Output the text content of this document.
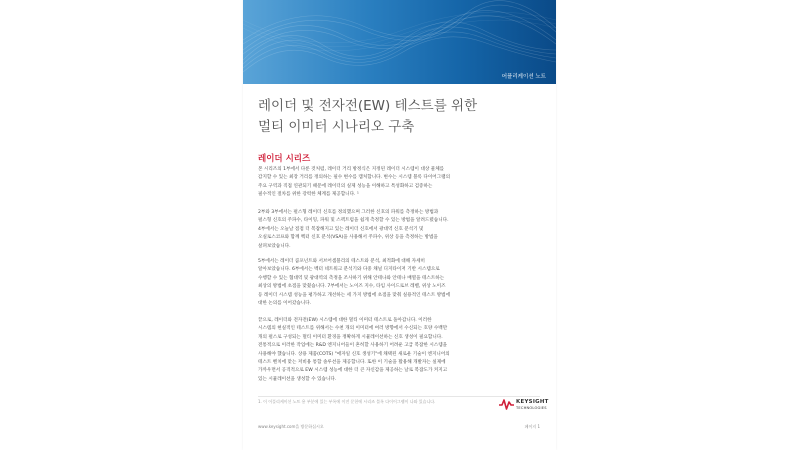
어플리케이션 노트
레이더 및 전자전(EW) 테스트를 위한
멀티 이미터 시나리오 구축
레이더 시리즈

본 시리즈의 1부에서 다룬 것처럼, 레이더 거리 방정식은 지정된 레이더 시스템이 대상 물체를

감지할 수 있는 최장 거리를 정의하는 필수 변수를 캡처합니다. 변수는 시스템 블록 다이어그램의

주요 구역과 직접 연관되기 때문에 레이더의 실제 성능을 이해하고 특성화하고 검증하는

필수적인 절차를 위한 강력한 체계를 제공합니다. ¹

2부와 3부에서는 펄스형 레이더 신호를 정의했으며 그러한 신호의 파워를 측정하는 방법과

펄스형 신호의 주파수, 타이밍, 파워 및 스펙트럼을 쉽게 측정할 수 있는 방법을 알려드렸습니다.

4부에서는 오늘날 점점 더 복잡해지고 있는 레이더 신호에서 광대역 신호 분석기 및

오실로스코프와 함께 벡터 신호 분석(VSA)을 사용해서 주파수, 위상 등을 측정하는 방법을

살펴보았습니다.

5부에서는 레이더 콤포넌트와 서브어셈블리의 테스트와 분석, 최적화에 대해 자세히

알아보았습니다. 6부에서는 벡터 네트워크 분석기와 다중 채널 디지타이저 기반 시스템으로

수행할 수 있는 협대역 및 광대역의 측정을 조사하기 위해 안테나와 안테나 배열을 테스트하는

최상의 방법에 초점을 맞췄습니다. 7부에서는 노이즈 지수, 타임 사이드로브 레벨, 위상 노이즈

등 레이더 시스템 성능을 평가하고 개선하는 세 가지 방법에 초점을 맞춰 실용적인 테스트 방법에

대한 논의를 이어갔습니다.

끝으로, 레이더와 전자전(EW) 시스템에 대한 멀티 이미터 테스트로 돌아갑니다. 이러한

시스템의 현실적인 테스트를 위해서는 수천 개의 이미터에 여러 방향에서 수신되는 호양 수백만

개의 펄스로 구성되는 멀티 이미터 환경을 정확하게 시뮬레이션하는 신호 생성이 필요합니다.

전통적으로 이러한 작업에는 R&D 엔지니어들이 흔히할 사용하기 어려운 고급 복잡한 시스템을

사용해야 했습니다. 상용 제품(COTS) "애자일 신호 생성기"에 채택된 새로운 기술이 엔지니어의

테스트 벤치에 맞는 저비용 통합 솔루션을 제공합니다. 또한 이 기술을 활용해 개발자는 실제에

가까우면서 공격적으로 EW 시스템 성능에 대한 더 큰 자신감을 제공하는 날로 복잡도가 커지고

있는 시뮬레이션을 생성할 수 있습니다.

1. 이 어플리케이션 노트 용 부분에 있는 부록에 이전 문헌에 시리즈 블록 다이어그램이 나와 있습니다.	KEYSIGHT
TECHNOLOGIES
www.keysight.com을 방문하십시오	페이지 1
